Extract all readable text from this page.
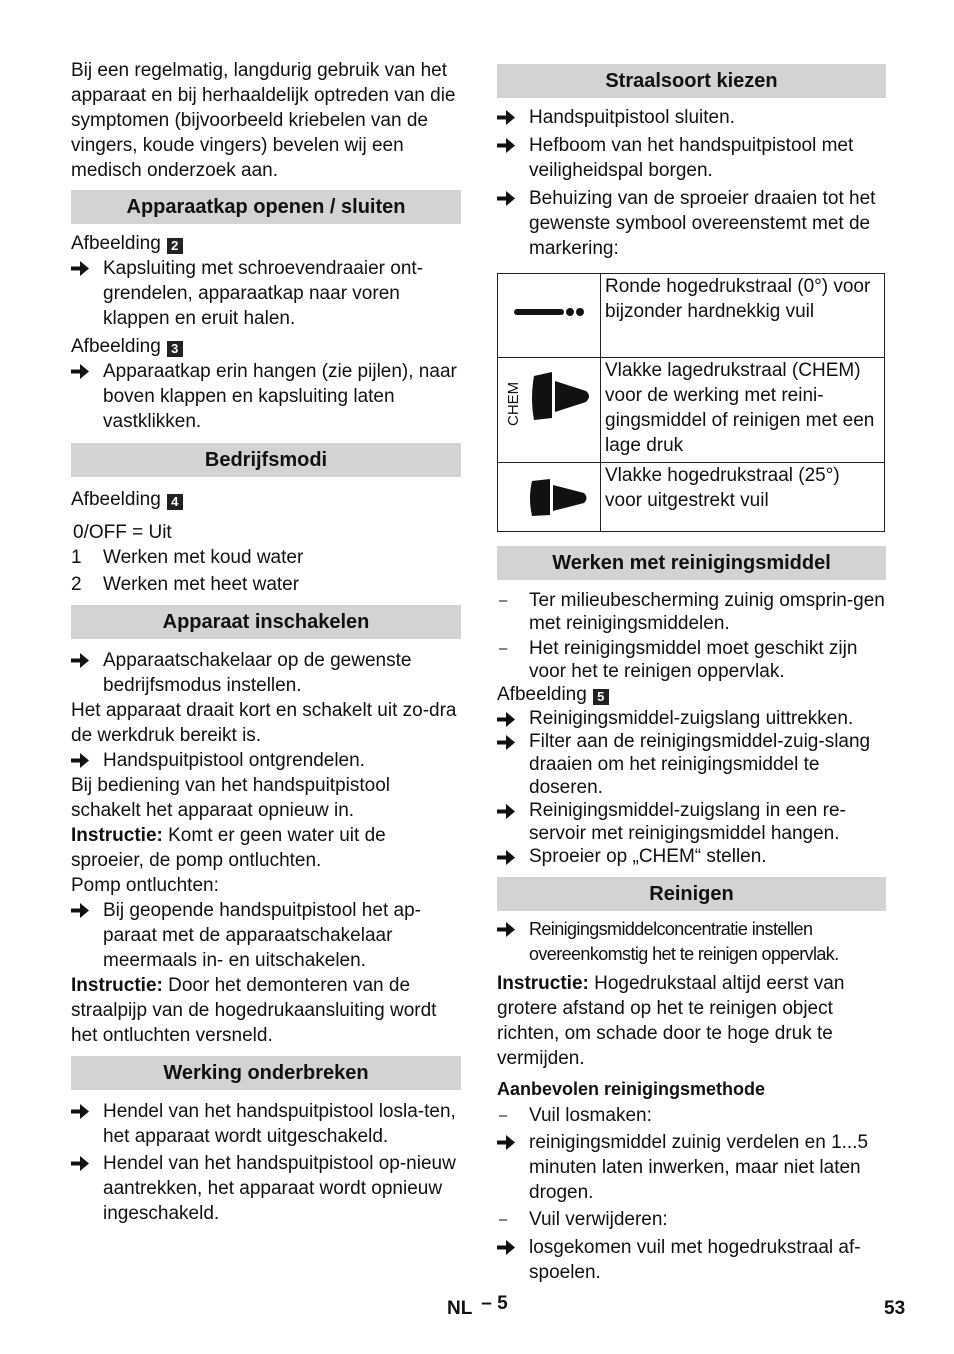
Bij een regelmatig, langdurig gebruik van het apparaat en bij herhaaldelijk optreden van die symptomen (bijvoorbeeld kriebelen van de vingers, koude vingers) bevelen wij een medisch onderzoek aan.

Apparaatkap openen / sluiten

Afbeelding 2

Kapsluiting met schroevendraaier ont-grendelen, apparaatkap naar voren klappen en eruit halen.

Afbeelding 3

Apparaatkap erin hangen (zie pijlen), naar boven klappen en kapsluiting laten vastklikken.

Bedrijfsmodi

Afbeelding 4

0/OFF = Uit

1 Werken met koud water

2 Werken met heet water

Apparaat inschakelen

Apparaatschakelaar op de gewenste bedrijfsmodus instellen.

Het apparaat draait kort en schakelt uit zo-dra de werkdruk bereikt is.

Handspuitpistool ontgrendelen.

Bij bediening van het handspuitpistool schakelt het apparaat opnieuw in.

Instructie: Komt er geen water uit de sproeier, de pomp ontluchten.

Pomp ontluchten:

Bij geopende handspuitpistool het ap-paraat met de apparaatschakelaar meermaals in- en uitschakelen.

Instructie: Door het demonteren van de straalpijp van de hogedrukaansluiting wordt het ontluchten versneld.

Werking onderbreken

Hendel van het handspuitpistool losla-ten, het apparaat wordt uitgeschakeld.

Hendel van het handspuitpistool op-nieuw aantrekken, het apparaat wordt opnieuw ingeschakeld.

Straalsoort kiezen

Handspuitpistool sluiten.

Hefboom van het handspuitpistool met veiligheidspal borgen.

Behuizing van de sproeier draaien tot het gewenste symbool overeenstemt met de markering:

	Ronde hogedrukstraal (0°) voor bijzonder hardnekkig vuil

CHEM	Vlakke lagedrukstraal (CHEM) voor de werking met reini-gingsmiddel of reinigen met een lage druk

	Vlakke hogedrukstraal (25°) voor uitgestrekt vuil
Werken met reinigingsmiddel
– Ter milieubescherming zuinig omsprin-gen met reinigingsmiddelen.

– Het reinigingsmiddel moet geschikt zijn voor het te reinigen oppervlak.

Afbeelding 5

Reinigingsmiddel-zuigslang uittrekken.

Filter aan de reinigingsmiddel-zuig-slang draaien om het reinigingsmiddel te doseren.

Reinigingsmiddel-zuigslang in een re-servoir met reinigingsmiddel hangen.

Sproeier op „CHEM“ stellen.

Reinigen

Reinigingsmiddelconcentratie instellen overeenkomstig het te reinigen oppervlak.

Instructie: Hogedrukstaal altijd eerst van grotere afstand op het te reinigen object richten, om schade door te hoge druk te vermijden.

Aanbevolen reinigingsmethode

– Vuil losmaken:

reinigingsmiddel zuinig verdelen en 1...5 minuten laten inwerken, maar niet laten drogen.

– Vuil verwijderen:

losgekomen vuil met hogedrukstraal af-spoelen.

NL – 5	53
